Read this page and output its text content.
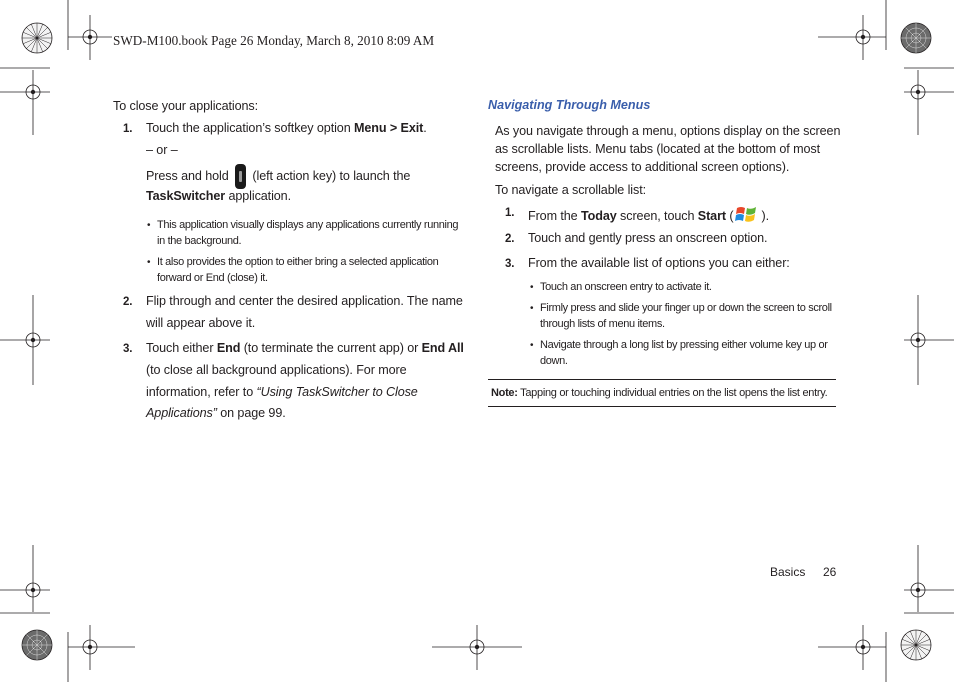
SWD-M100.book Page 26 Monday, March 8, 2010 8:09 AM
To close your applications:
1. Touch the application’s softkey option Menu > Exit.
– or –
Press and hold  (left action key) to launch the
TaskSwitcher application.
• This application visually displays any applications currently running
in the background.
• It also provides the option to either bring a selected application
forward or End (close) it.
2. Flip through and center the desired application. The name
will appear above it.
3. Touch either End (to terminate the current app) or End All
(to close all background applications). For more
information, refer to “Using TaskSwitcher to Close
Applications” on page 99.
Navigating Through Menus
As you navigate through a menu, options display on the screen
as scrollable lists. Menu tabs (located at the bottom of most
screens, provide access to additional screen options).
To navigate a scrollable list:
1. From the Today screen, touch Start ( ).
2. Touch and gently press an onscreen option.
3. From the available list of options you can either:
• Touch an onscreen entry to activate it.
• Firmly press and slide your finger up or down the screen to scroll
through lists of menu items.
• Navigate through a long list by pressing either volume key up or
down.
Note: Tapping or touching individual entries on the list opens the list entry.
Basics 26
